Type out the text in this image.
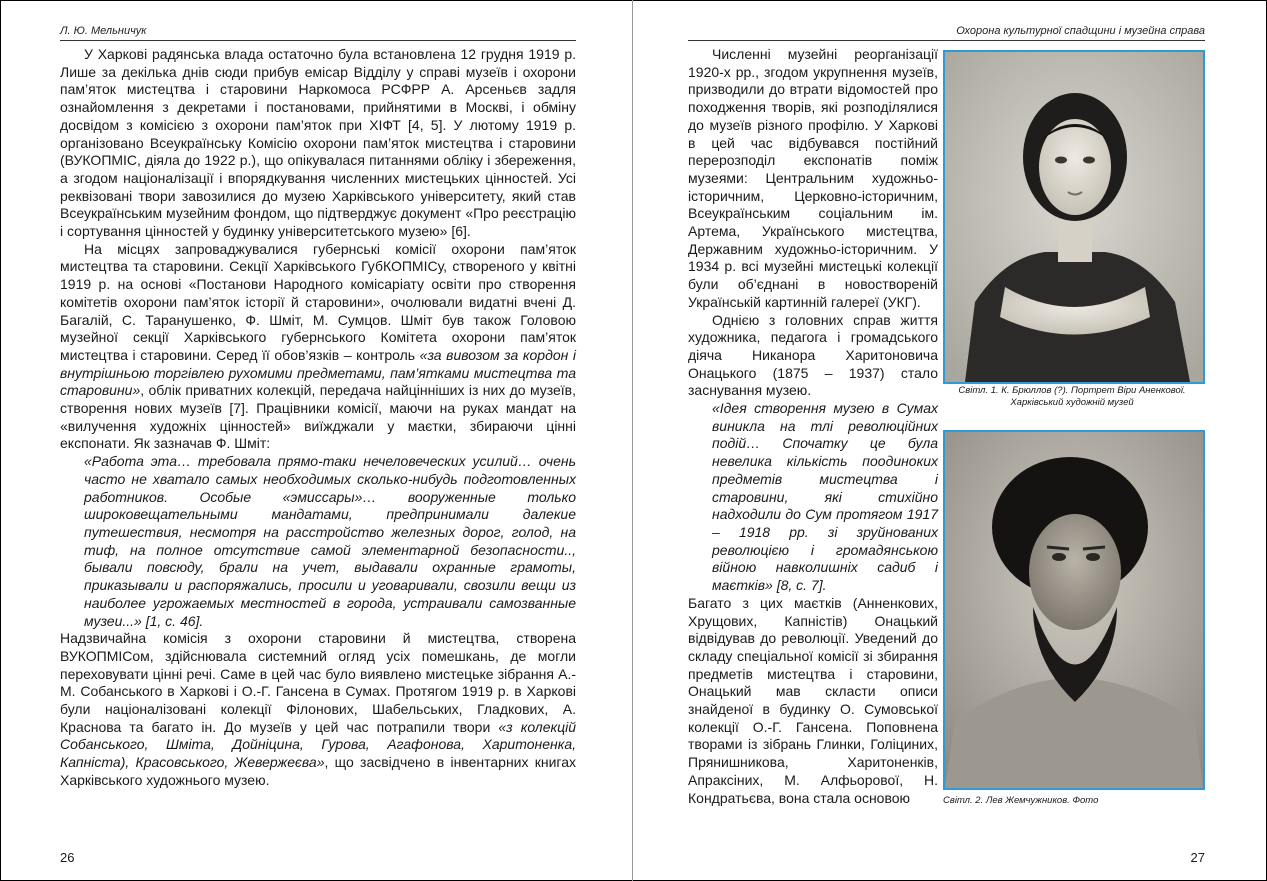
Л. Ю. Мельничук

У Харкові радянська влада остаточно була встановлена 12 грудня 1919 р. Лише за декілька днів сюди прибув емісар Відділу у справі музеїв і охорони пам’яток мистецтва і старовини Наркомоса РСФРР А. Арсеньєв задля ознайомлення з декретами і постановами, прийнятими в Москві, і обміну досвідом з комісією з охорони пам’яток при ХІФТ [4, 5]. У лютому 1919 р. організовано Всеукраїнську Комісію охорони пам’яток мистецтва і старовини (ВУКОПМІС, діяла до 1922 р.), що опікувалася питаннями обліку і збереження, а згодом націоналізації і впорядкування численних мистецьких цінностей. Усі реквізовані твори завозилися до музею Харківського університету, який став Всеукраїнським музейним фондом, що підтверджує документ «Про реєстрацію і сортування цінностей у будинку університетського музею» [6].

На місцях запроваджувалися губернські комісії охорони пам’яток мистецтва та старовини. Секції Харківського ГубКОПМІСу, створеного у квітні 1919 р. на основі «Постанови Народного комісаріату освіти про створення комітетів охорони пам’яток історії й старовини», очолювали видатні вчені Д. Багалій, С. Таранушенко, Ф. Шміт, М. Сумцов. Шміт був також Головою музейної секції Харківського губернського Комітета охорони пам’яток мистецтва і старовини. Серед її обов’язків – контроль «за вивозом за кордон і внутрішньою торгівлею рухомими предметами, пам’ятками мистецтва та старовини», облік приватних колекцій, передача найцінніших із них до музеїв, створення нових музеїв [7]. Працівники комісії, маючи на руках мандат на «вилучення художніх цінностей» виїжджали у маєтки, збираючи цінні експонати. Як зазначав Ф. Шміт:

«Работа эта… требовала прямо-таки нечеловеческих усилий… очень часто не хватало самых необходимых сколько-нибудь подготовленных работников. Особые «эмиссары»… вооруженные только широковещательными мандатами, предпринимали далекие путешествия, несмотря на расстройство железных дорог, голод, на тиф, на полное отсутствие самой элементарной безопасности.., бывали повсюду, брали на учет, выдавали охранные грамоты, приказывали и распоряжались, просили и уговаривали, свозили вещи из наиболее угрожаемых местностей в города, устраивали самозванные музеи...» [1, с. 46].

Надзвичайна комісія з охорони старовини й мистецтва, створена ВУКОПМІСом, здійснювала системний огляд усіх помешкань, де могли переховувати цінні речі. Саме в цей час було виявлено мистецьке зібрання А.-М. Собанського в Харкові і О.-Г. Гансена в Сумах. Протягом 1919 р. в Харкові були націоналізовані колекції Філонових, Шабельських, Гладкових, А. Краснова та багато ін. До музеїв у цей час потрапили твори «з колекцій Собанського, Шміта, Дойніцина, Гурова, Агафонова, Харитоненка, Капніста), Красовського, Жевержеєва», що засвідчено в інвентарних книгах Харківського художнього музею.

26
Охорона культурної спадщини і музейна справа

Численні музейні реорганізації 1920-х рр., згодом укрупнення музеїв, призводили до втрати відомостей про походження творів, які розподілялися до музеїв різного профілю. У Харкові в цей час відбувався постійний перерозподіл експонатів поміж музеями: Центральним художньо-історичним, Церковно-історичним, Всеукраїнським соціальним ім. Артема, Українського мистецтва, Державним художньо-історичним. У 1934 р. всі музейні мистецькі колекції були об’єднані в новоствореній Українській картинній галереї (УКГ).

Однією з головних справ життя художника, педагога і громадського діяча Никанора Харитоновича Онацького (1875 – 1937) стало заснування музею.

«Ідея створення музею в Сумах виникла на тлі революційних подій… Спочатку це була невелика кількість поодиноких предметів мистецтва і старовини, які стихійно надходили до Сум протягом 1917 – 1918 рр. зі зруйнованих революцією і громадянською війною навколишніх садиб і маєтків» [8, с. 7].

Багато з цих маєтків (Анненкових, Хрущових, Капністів) Онацький відвідував до революції. Уведений до складу спеціальної комісії зі збирання предметів мистецтва і старовини, Онацький мав скласти описи знайденої в будинку О. Сумовської колекції О.-Г. Гансена. Поповнена творами із зібрань Глинки, Голіциних, Прянишникова, Харитоненків, Апраксіних, М. Алфьорової, Н. Кондратьєва, вона стала основою

Світл. 1. К. Брюллов (?). Портрет Віри Аненкової.
Харківський художній музей
Світл. 2. Лев Жемчужников. Фото
27
